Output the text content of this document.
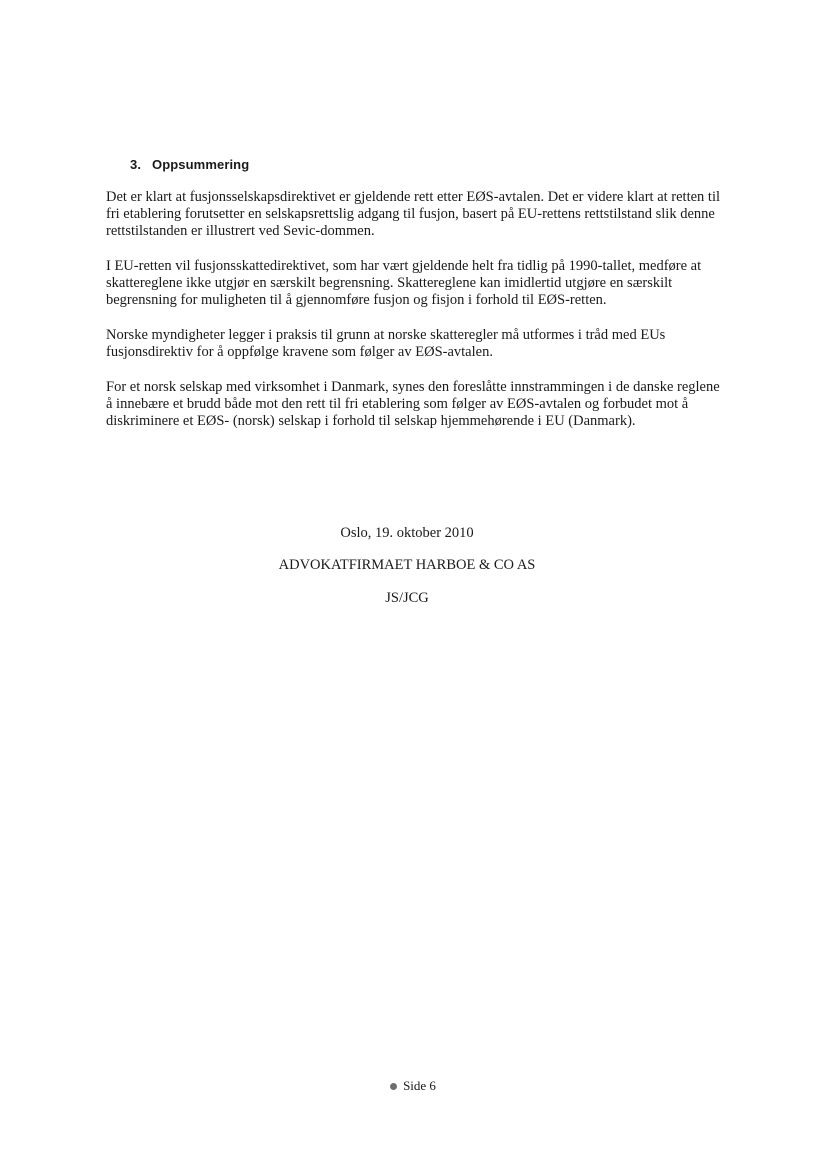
3. Oppsummering

Det er klart at fusjonsselskapsdirektivet er gjeldende rett etter EØS-avtalen. Det er videre klart at retten til fri etablering forutsetter en selskapsrettslig adgang til fusjon, basert på EU-rettens rettstilstand slik denne rettstilstanden er illustrert ved Sevic-dommen.

I EU-retten vil fusjonsskattedirektivet, som har vært gjeldende helt fra tidlig på 1990-tallet, medføre at skattereglene ikke utgjør en særskilt begrensning. Skattereglene kan imidlertid utgjøre en særskilt begrensning for muligheten til å gjennomføre fusjon og fisjon i forhold til EØS-retten.

Norske myndigheter legger i praksis til grunn at norske skatteregler må utformes i tråd med EUs fusjonsdirektiv for å oppfølge kravene som følger av EØS-avtalen.

For et norsk selskap med virksomhet i Danmark, synes den foreslåtte innstrammingen i de danske reglene å innebære et brudd både mot den rett til fri etablering som følger av EØS-avtalen og forbudet mot å diskriminere et EØS- (norsk) selskap i forhold til selskap hjemmehørende i EU (Danmark).

Oslo, 19. oktober 2010
ADVOKATFIRMAET HARBOE & CO AS
JS/JCG
Side 6
